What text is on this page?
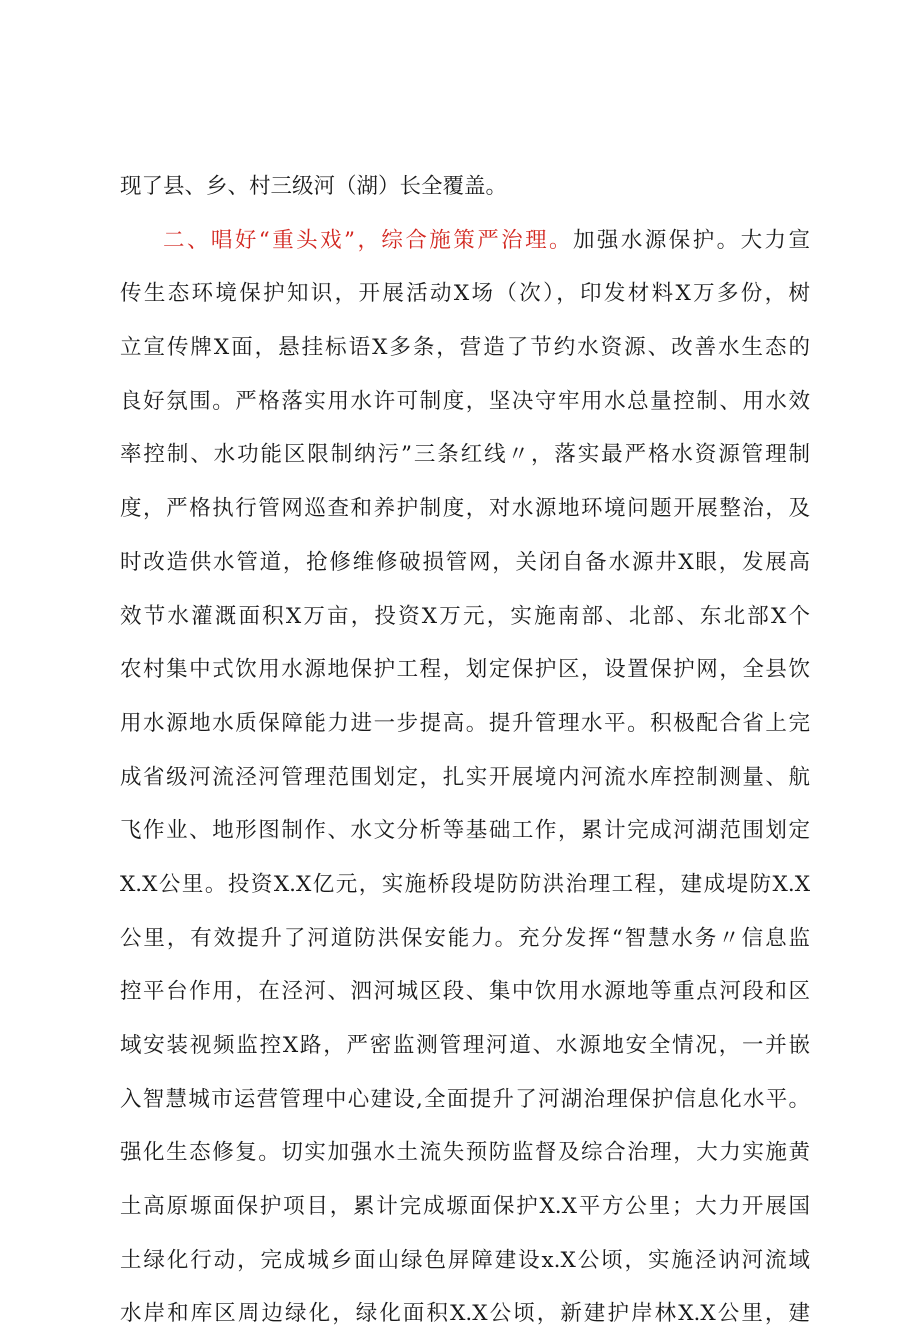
现了县、乡、村三级河（湖）长全覆盖。
二、唱好“重头戏”，综合施策严治理。加强水源保护。大力宣
传生态环境保护知识，开展活动Ⅹ场（次），印发材料Ⅹ万多份，树
立宣传牌Ⅹ面，悬挂标语Ⅹ多条，营造了节约水资源、改善水生态的
良好氛围。严格落实用水许可制度，坚决守牢用水总量控制、用水效
率控制、水功能区限制纳污”三条红线〃，落实最严格水资源管理制
度，严格执行管网巡查和养护制度，对水源地环境问题开展整治，及
时改造供水管道，抢修维修破损管网，关闭自备水源井Ⅹ眼，发展高
效节水灌溉面积Ⅹ万亩，投资Ⅹ万元，实施南部、北部、东北部Ⅹ个
农村集中式饮用水源地保护工程，划定保护区，设置保护网，全县饮
用水源地水质保障能力进一步提高。提升管理水平。积极配合省上完
成省级河流泾河管理范围划定，扎实开展境内河流水库控制测量、航
飞作业、地形图制作、水文分析等基础工作，累计完成河湖范围划定
X.X公里。投资X.X亿元，实施桥段堤防防洪治理工程，建成堤防X.X
公里，有效提升了河道防洪保安能力。充分发挥“智慧水务〃信息监
控平台作用，在泾河、泗河城区段、集中饮用水源地等重点河段和区
域安装视频监控Ⅹ路，严密监测管理河道、水源地安全情况，一并嵌
入智慧城市运营管理中心建设,全面提升了河湖治理保护信息化水平。
强化生态修复。切实加强水土流失预防监督及综合治理，大力实施黄
土高原塬面保护项目，累计完成塬面保护X.X平方公里；大力开展国
土绿化行动，完成城乡面山绿色屏障建设x.X公顷，实施泾讷河流域
水岸和库区周边绿化，绿化面积X.X公顷，新建护岸林X.X公里，建
